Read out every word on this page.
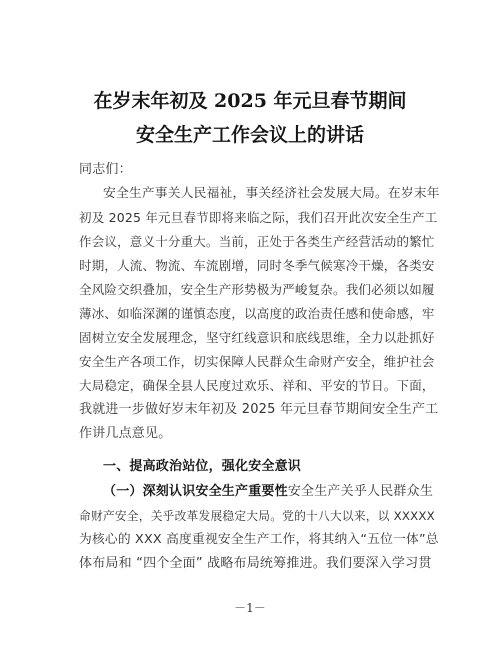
在岁末年初及 2025 年元旦春节期间
安全生产工作会议上的讲话
同志们：
安全生产事关人民福祉，事关经济社会发展大局。在岁末年
初及 2025 年元旦春节即将来临之际，我们召开此次安全生产工
作会议，意义十分重大。当前，正处于各类生产经营活动的繁忙
时期，人流、物流、车流剧增，同时冬季气候寒冷干燥，各类安
全风险交织叠加，安全生产形势极为严峻复杂。我们必须以如履
薄冰、如临深渊的谨慎态度，以高度的政治责任感和使命感，牢
固树立安全发展理念，坚守红线意识和底线思维，全力以赴抓好
安全生产各项工作，切实保障人民群众生命财产安全，维护社会
大局稳定，确保全县人民度过欢乐、祥和、平安的节日。下面，
我就进一步做好岁末年初及 2025 年元旦春节期间安全生产工
作讲几点意见。
一、提高政治站位，强化安全意识
（一）深刻认识安全生产重要性安全生产关乎人民群众生
命财产安全，关乎改革发展稳定大局。党的十八大以来，以 XXXXX
为核心的 XXX 高度重视安全生产工作，将其纳入“五位一体”总
体布局和 “四个全面” 战略布局统筹推进。我们要深入学习贯
－1－
